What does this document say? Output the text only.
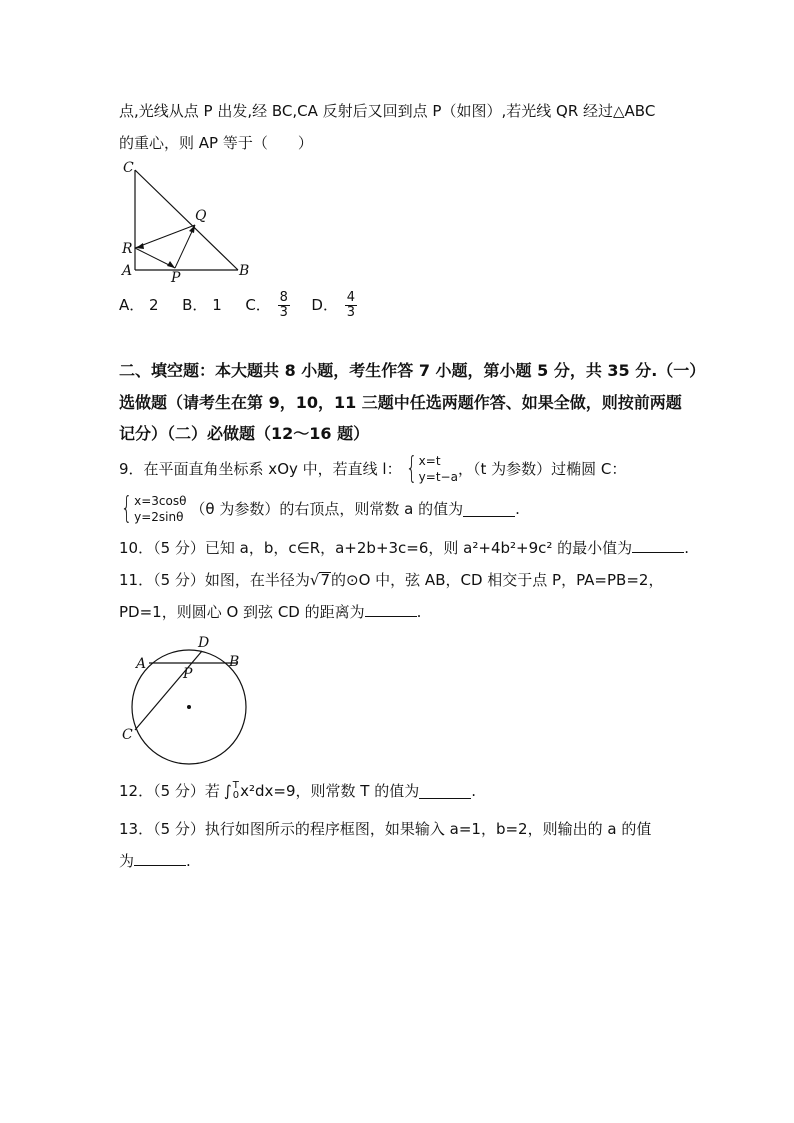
点,光线从点 P 出发,经 BC,CA 反射后又回到点 P（如图）,若光线 QR 经过△ABC
的重心，则 AP 等于（　　）
C
Q
R
A	P	B
A． 2 B． 1 C． $\frac{8}{3}$ D． $\frac{4}{3}$
二、填空题：本大题共 8 小题，考生作答 7 小题，第小题 5 分，共 35 分.（一）
选做题（请考生在第 9，10，11 三题中任选两题作答、如果全做，则按前两题
记分）（二）必做题（12～16 题）
9．在平面直角坐标系 xOy 中，若直线 l： { x=t
y=t−a ，（t 为参数）过椭圆 C：
{ x=3cosθ
y=2sinθ （θ 为参数）的右顶点，则常数 a 的值为	.
10．（5 分）已知 a，b，c∈R，a+2b+3c=6，则 a²+4b²+9c² 的最小值为	.
11．（5 分）如图，在半径为√7的⊙O 中，弦 AB，CD 相交于点 P，PA=PB=2，
PD=1，则圆心 O 到弦 CD 的距离为	.
D
A	B
P
C
12．（5 分）若 ∫ T
0 x²dx=9，则常数 T 的值为	.
13．（5 分）执行如图所示的程序框图，如果输入 a=1，b=2，则输出的 a 的值
为	.
